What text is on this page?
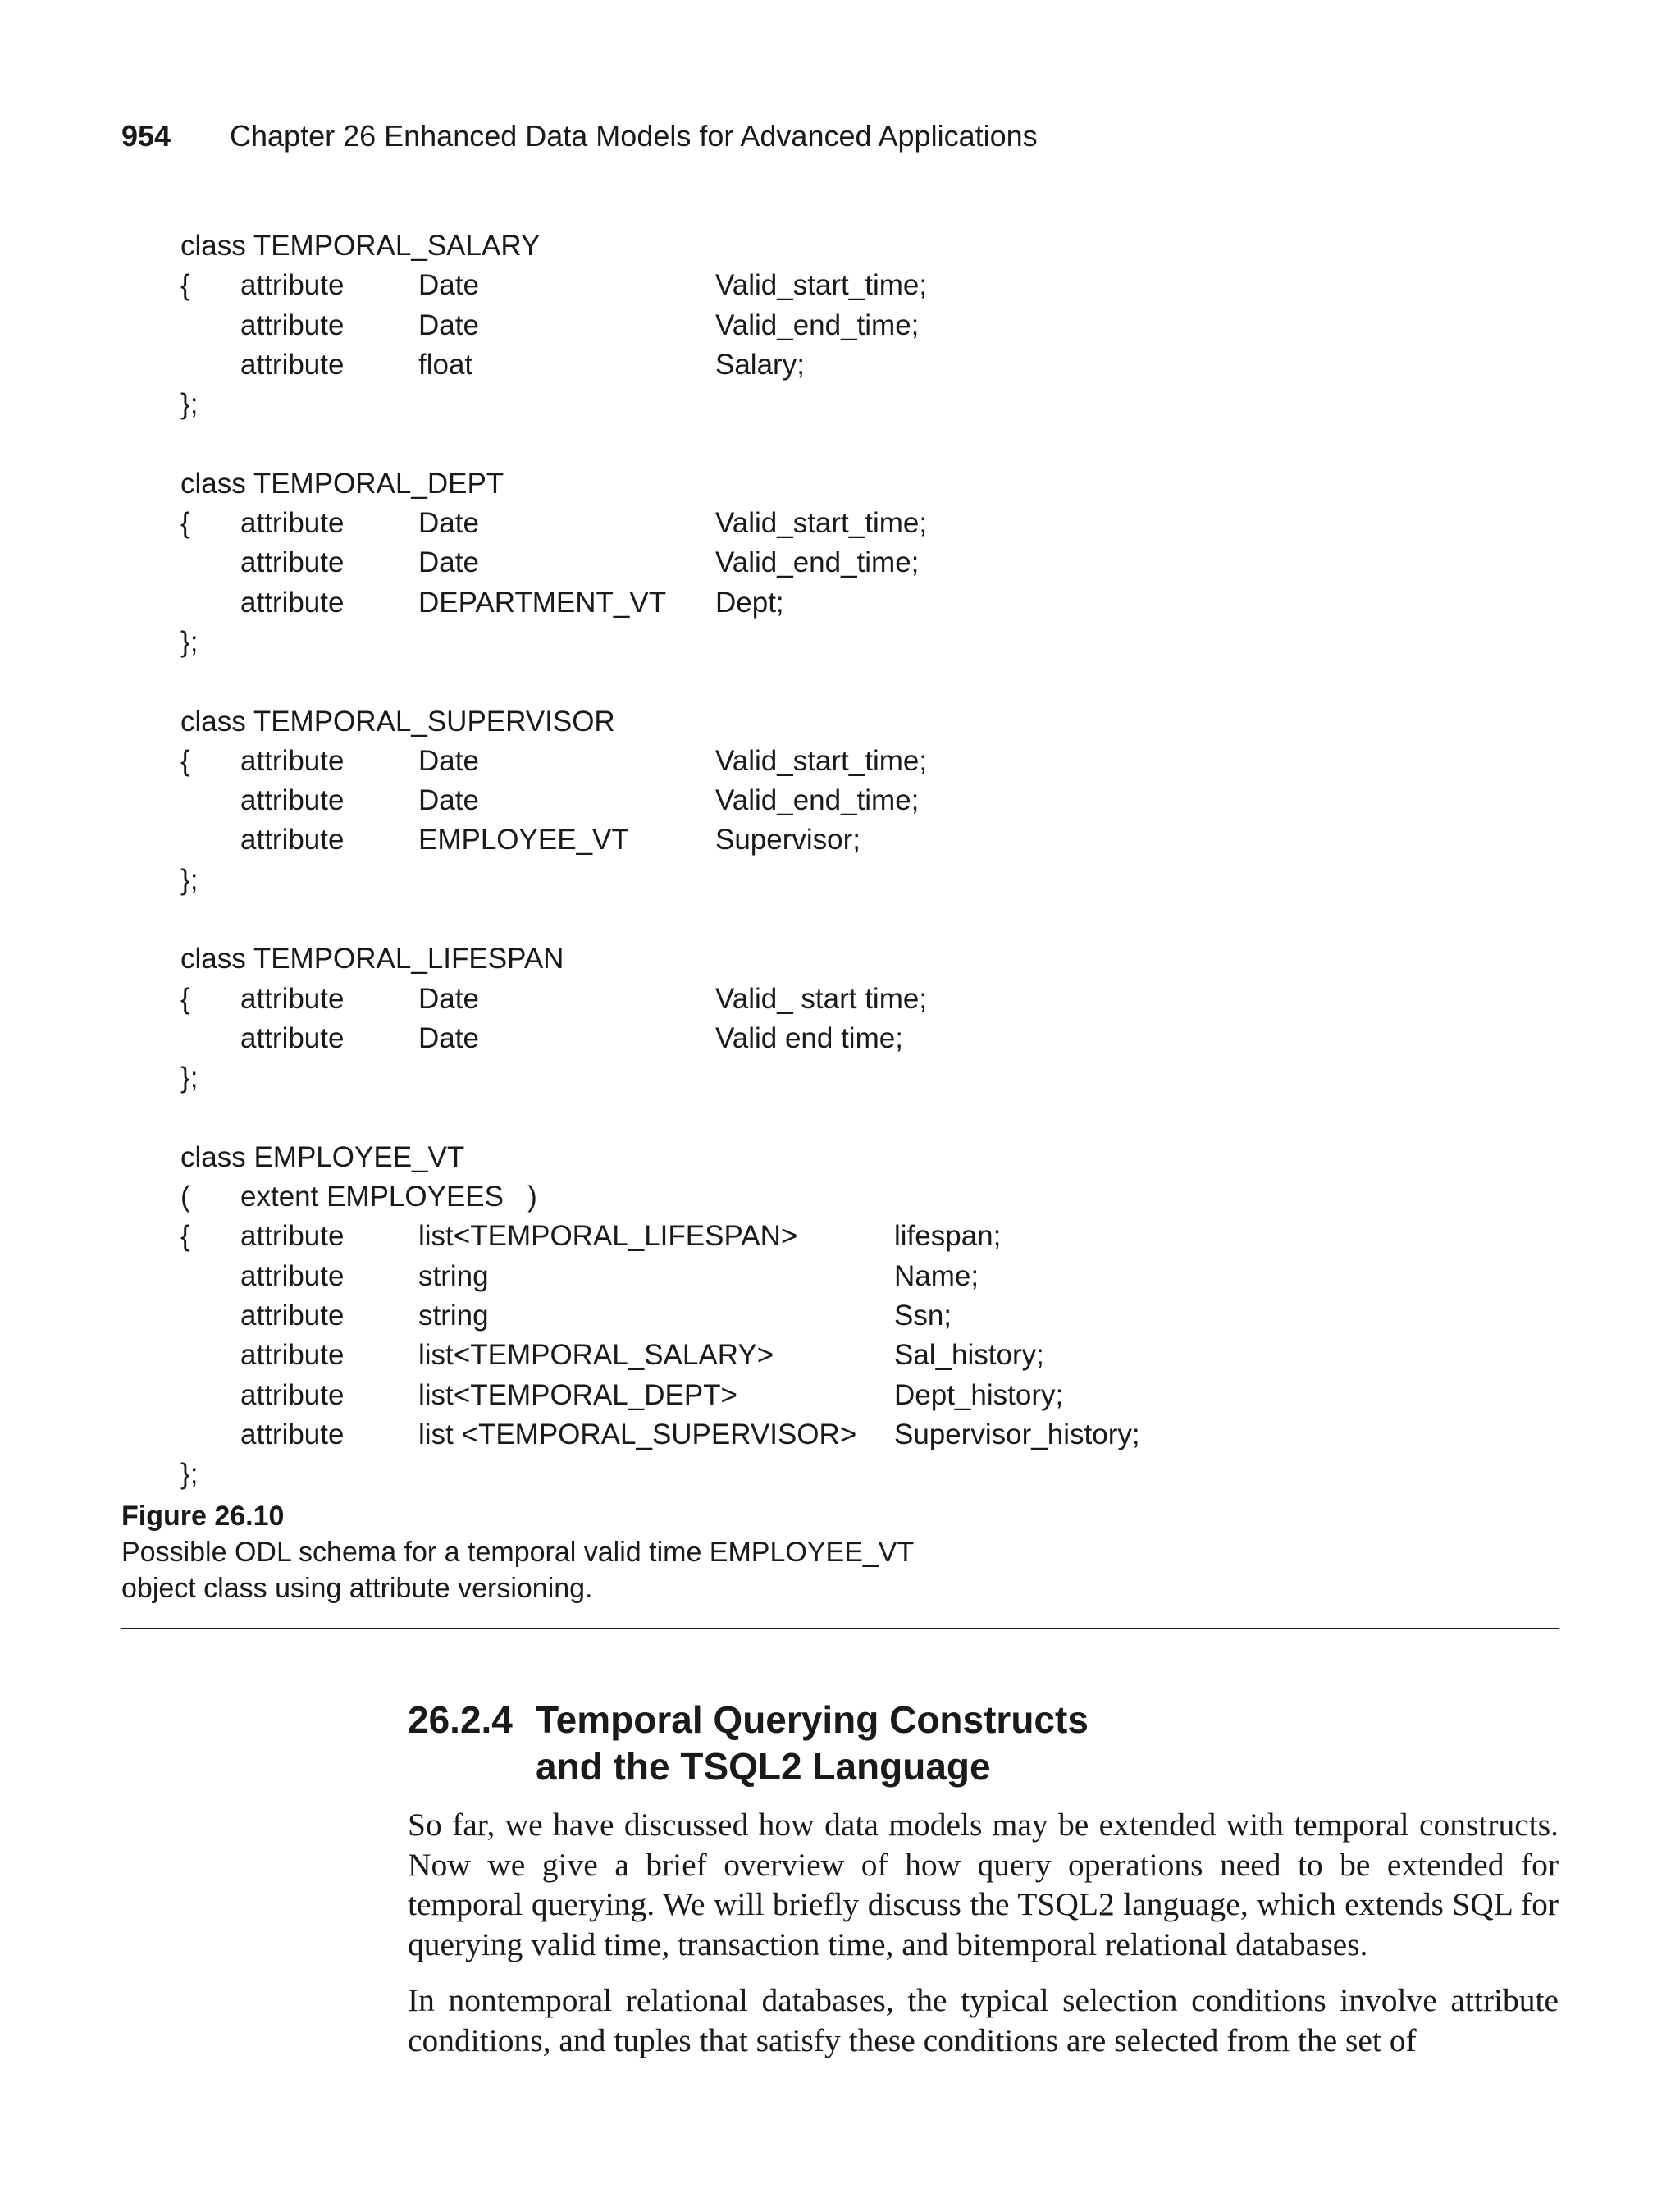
954 Chapter 26 Enhanced Data Models for Advanced Applications
class TEMPORAL_SALARY
{ attribute	Date	Valid_start_time;
attribute	Date	Valid_end_time;
attribute	float	Salary;
};
class TEMPORAL_DEPT
{ attribute	Date	Valid_start_time;
attribute	Date	Valid_end_time;
attribute	DEPARTMENT_VT Dept;
};
class TEMPORAL_SUPERVISOR
{ attribute	Date	Valid_start_time;
attribute	Date	Valid_end_time;
attribute	EMPLOYEE_VT	Supervisor;
};
class TEMPORAL_LIFESPAN
{ attribute	Date	Valid_ start time;
attribute	Date	Valid end time;
};
class EMPLOYEE_VT
( extent EMPLOYEES   )
{ attribute	list<TEMPORAL_LIFESPAN>	lifespan;
attribute	string	Name;
attribute	string	Ssn;
attribute	list<TEMPORAL_SALARY>	Sal_history;
attribute	list<TEMPORAL_DEPT>	Dept_history;
attribute	list <TEMPORAL_SUPERVISOR> Supervisor_history;
};
Figure 26.10
Possible ODL schema for a temporal valid time EMPLOYEE_VT
object class using attribute versioning.
26.2.4 Temporal Querying Constructs
and the TSQL2 Language

So far, we have discussed how data models may be extended with temporal constructs. Now we give a brief overview of how query operations need to be extended for temporal querying. We will briefly discuss the TSQL2 language, which extends SQL for querying valid time, transaction time, and bitemporal relational databases.

In nontemporal relational databases, the typical selection conditions involve attribute conditions, and tuples that satisfy these conditions are selected from the set of
